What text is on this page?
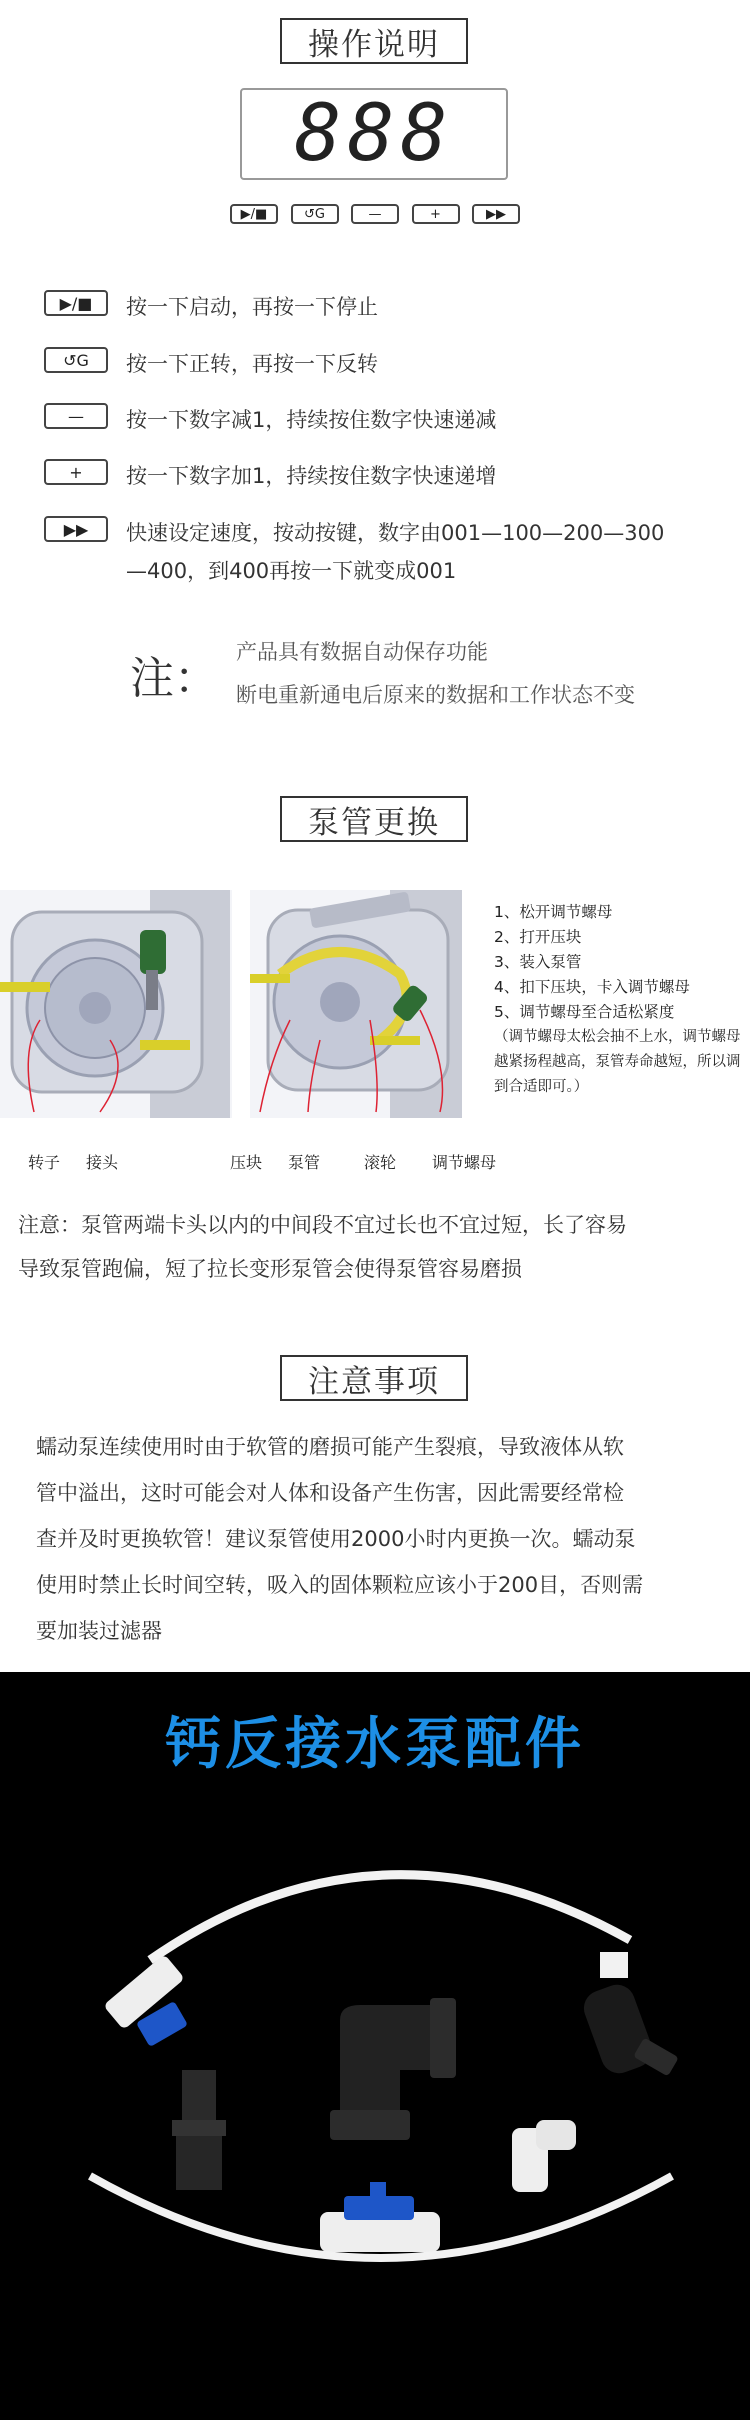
操作说明
888
▶/■	↺G	—	+	▶▶
▶/■	按一下启动，再按一下停止
↺G	按一下正转，再按一下反转
—	按一下数字减1，持续按住数字快速递减
+	按一下数字加1，持续按住数字快速递增
▶▶	快速设定速度，按动按键，数字由001—100—200—300
—400，到400再按一下就变成001
注：
产品具有数据自动保存功能
断电重新通电后原来的数据和工作状态不变
泵管更换
1、松开调节螺母
2、打开压块
3、装入泵管
4、扣下压块，卡入调节螺母
5、调节螺母至合适松紧度
（调节螺母太松会抽不上水，调节螺母越紧扬程越高，泵管寿命越短，所以调到合适即可。）
转子 接头	压块 泵管	滚轮 调节螺母
注意：泵管两端卡头以内的中间段不宜过长也不宜过短，长了容易
导致泵管跑偏，短了拉长变形泵管会使得泵管容易磨损
注意事项
蠕动泵连续使用时由于软管的磨损可能产生裂痕，导致液体从软
管中溢出，这时可能会对人体和设备产生伤害，因此需要经常检
查并及时更换软管！建议泵管使用2000小时内更换一次。蠕动泵
使用时禁止长时间空转，吸入的固体颗粒应该小于200目，否则需
要加装过滤器
钙反接水泵配件
